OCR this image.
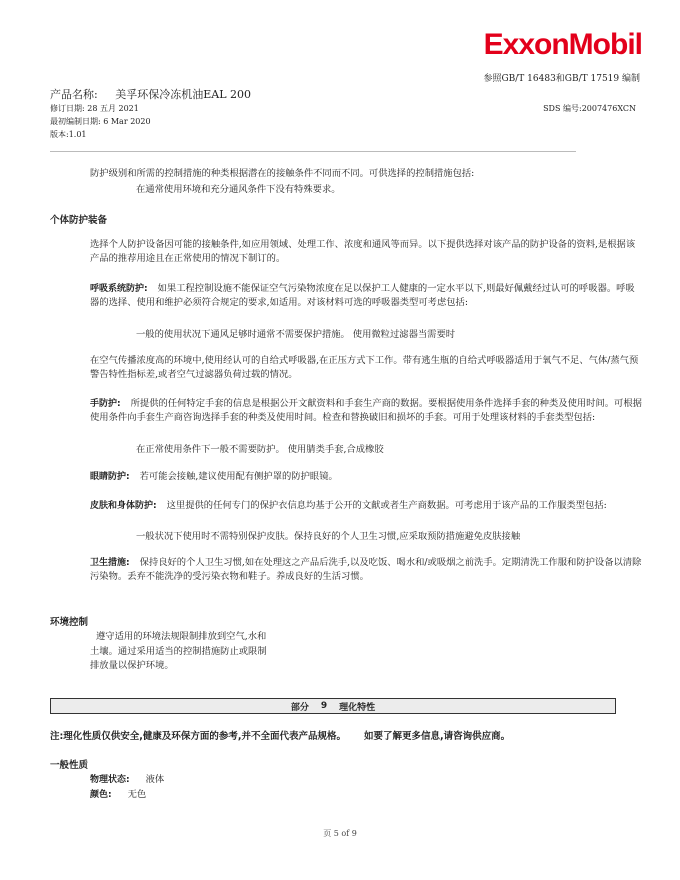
ExxonMobil
参照GB/T 16483和GB/T 17519 编制
产品名称: 美孚环保冷冻机油EAL 200
修订日期: 28 五月 2021	SDS 编号:2007476XCN
最初编制日期: 6 Mar 2020
版本:1.01
防护级别和所需的控制措施的种类根据潜在的接触条件不同而不同。可供选择的控制措施包括:
在通常使用环境和充分通风条件下没有特殊要求。
个体防护装备
选择个人防护设备因可能的接触条件,如应用领域、处理工作、浓度和通风等而异。以下提供选择对该产品的防护设备的资料,是根据该产品的推荐用途且在正常使用的情况下制订的。
呼吸系统防护: 如果工程控制设施不能保证空气污染物浓度在足以保护工人健康的一定水平以下,则最好佩戴经过认可的呼吸器。呼吸器的选择、使用和维护必须符合规定的要求,如适用。对该材料可选的呼吸器类型可考虑包括:
一般的使用状况下通风足够时通常不需要保护措施。 使用微粒过滤器当需要时
在空气传播浓度高的环境中,使用经认可的自给式呼吸器,在正压方式下工作。带有逃生瓶的自给式呼吸器适用于氧气不足、气体/蒸气预警告特性指标差,或者空气过滤器负荷过载的情况。
手防护: 所提供的任何特定手套的信息是根据公开文献资料和手套生产商的数据。要根据使用条件选择手套的种类及使用时间。可根据使用条件向手套生产商咨询选择手套的种类及使用时间。检查和替换破旧和损坏的手套。可用于处理该材料的手套类型包括:
在正常使用条件下一般不需要防护。 使用腈类手套,合成橡胶
眼睛防护: 若可能会接触,建议使用配有侧护罩的防护眼镜。
皮肤和身体防护: 这里提供的任何专门的保护衣信息均基于公开的文献或者生产商数据。可考虑用于该产品的工作服类型包括:
一般状况下使用时不需特别保护皮肤。保持良好的个人卫生习惯,应采取预防措施避免皮肤接触
卫生措施: 保持良好的个人卫生习惯,如在处理这之产品后洗手,以及吃饭、喝水和/或吸烟之前洗手。定期清洗工作服和防护设备以清除污染物。丢弃不能洗净的受污染衣物和鞋子。养成良好的生活习惯。
环境控制
遵守适用的环境法规限制排放到空气,水和
土壤。通过采用适当的控制措施防止或限制
排放量以保护环境。
部分 9 理化特性
注:理化性质仅供安全,健康及环保方面的参考,并不全面代表产品规格。 如要了解更多信息,请咨询供应商。
一般性质
物理状态: 液体
颜色: 无色
页 5 of 9
